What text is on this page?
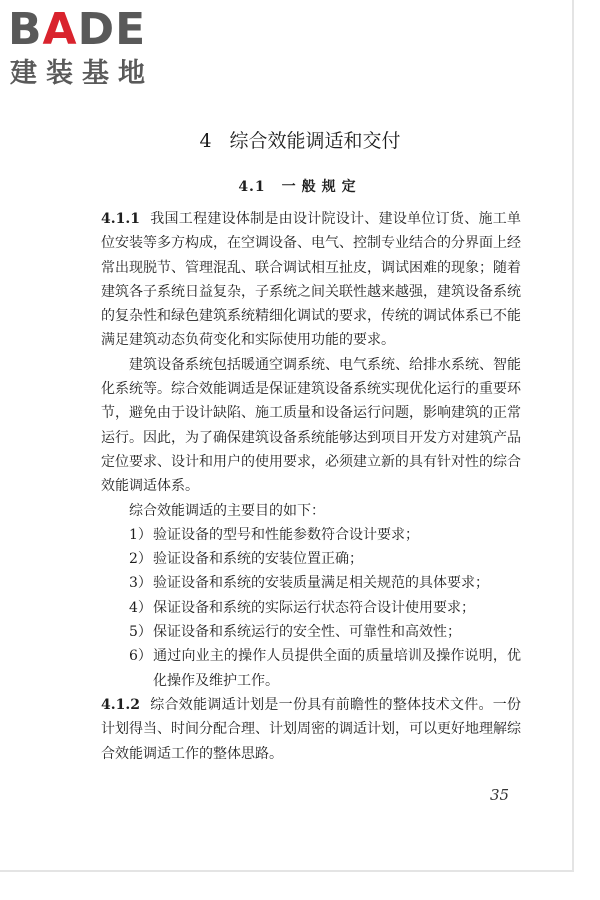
BADE
建装基地
4 综合效能调适和交付
4.1 一般规定

4.1.1 我国工程建设体制是由设计院设计、建设单位订货、施工单位安装等多方构成，在空调设备、电气、控制专业结合的分界面上经常出现脱节、管理混乱、联合调试相互扯皮，调试困难的现象；随着建筑各子系统日益复杂，子系统之间关联性越来越强，建筑设备系统的复杂性和绿色建筑系统精细化调试的要求，传统的调试体系已不能满足建筑动态负荷变化和实际使用功能的要求。

建筑设备系统包括暖通空调系统、电气系统、给排水系统、智能化系统等。综合效能调适是保证建筑设备系统实现优化运行的重要环节，避免由于设计缺陷、施工质量和设备运行问题，影响建筑的正常运行。因此，为了确保建筑设备系统能够达到项目开发方对建筑产品定位要求、设计和用户的使用要求，必须建立新的具有针对性的综合效能调适体系。

综合效能调适的主要目的如下：

1）验证设备的型号和性能参数符合设计要求；
2）验证设备和系统的安装位置正确；
3）验证设备和系统的安装质量满足相关规范的具体要求；
4）保证设备和系统的实际运行状态符合设计使用要求；
5）保证设备和系统运行的安全性、可靠性和高效性；
6）通过向业主的操作人员提供全面的质量培训及操作说明，优化操作及维护工作。

4.1.2 综合效能调适计划是一份具有前瞻性的整体技术文件。一份计划得当、时间分配合理、计划周密的调适计划，可以更好地理解综合效能调适工作的整体思路。

35
